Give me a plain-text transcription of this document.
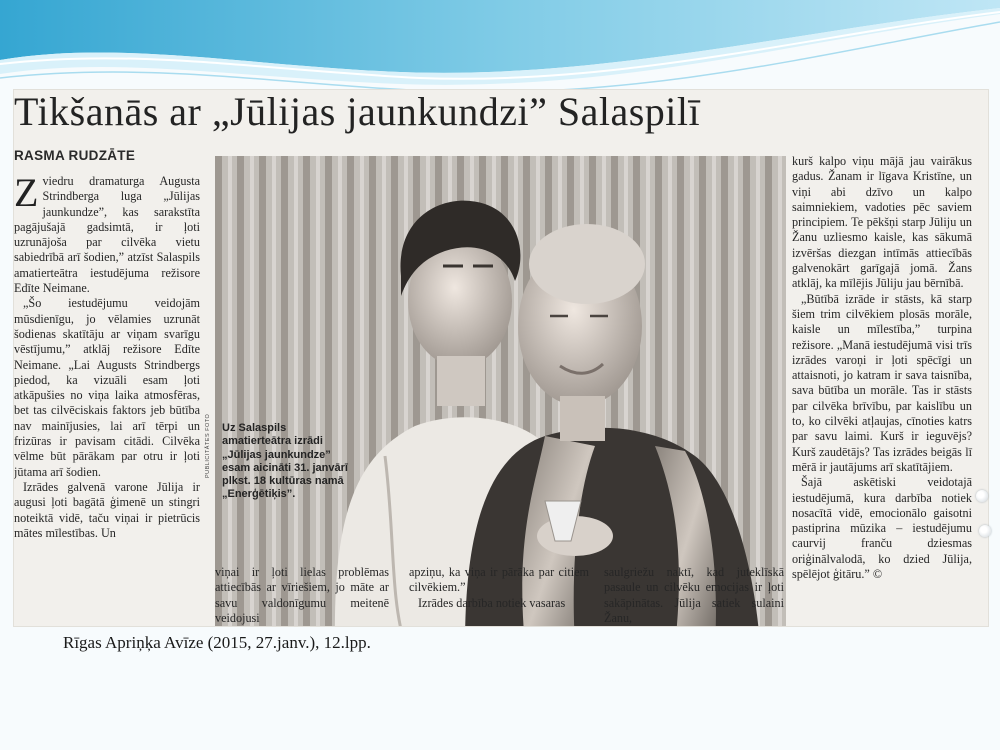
Tikšanās ar „Jūlijas jaunkundzi” Salaspilī
RASMA RUDZĀTE

Zviedru dramaturga Augusta Strindberga luga „Jūlijas jaunkundze”, kas sarakstīta pagājušajā gadsimtā, ir ļoti uzrunājoša par cilvēka vietu sabiedrībā arī šodien,” atzīst Salaspils amatierteātra iestudējuma režisore Edīte Neimane.

„Šo iestudējumu veidojām mūsdienīgu, jo vēlamies uzrunāt šodienas skatītāju ar viņam svarīgu vēstījumu,” atklāj režisore Edīte Neimane. „Lai Augusts Strindbergs piedod, ka vizuāli esam ļoti atkāpušies no viņa laika atmosfēras, bet tas cilvēciskais faktors jeb būtība nav mainījusies, lai arī tērpi un frizūras ir pavisam citādi. Cilvēka vēlme būt pārākam par otru ir ļoti jūtama arī šodien.

Izrādes galvenā varone Jūlija ir augusi ļoti bagātā ģimenē un stingri noteiktā vidē, taču viņai ir pietrūcis mātes mīlestības. Un

Uz Salaspils amatierteātra izrādi „Jūlijas jaunkundze” esam aicināti 31. janvārī plkst. 18 kultūras namā „Enerģētiķis”.
PUBLICITĀTES FOTO
viņai ir ļoti lielas problēmas attiecībās ar vīriešiem, jo māte ar savu valdonīgumu meitenē veidojusi

apziņu, ka viņa ir pārāka par citiem cilvēkiem.”

Izrādes darbība notiek vasaras

saulgriežu naktī, kad juteklīskā pasaule un cilvēku emocijas ir ļoti sakāpinātas. Jūlija satiek sulaini Žanu,

kurš kalpo viņu mājā jau vairākus gadus. Žanam ir līgava Kristīne, un viņi abi dzīvo un kalpo saimniekiem, vadoties pēc saviem principiem. Te pēkšņi starp Jūliju un Žanu uzliesmo kaisle, kas sākumā izvēršas diezgan intīmās attiecībās galvenokārt garīgajā jomā. Žans atklāj, ka mīlējis Jūliju jau bērnībā.

„Būtībā izrāde ir stāsts, kā starp šiem trim cilvēkiem plosās morāle, kaisle un mīlestība,” turpina režisore. „Manā iestudējumā visi trīs izrādes varoņi ir ļoti spēcīgi un attaisnoti, jo katram ir sava taisnība, sava būtība un morāle. Tas ir stāsts par cilvēka brīvību, par kaislību un to, ko cilvēki atļaujas, cīnoties katrs par savu laimi. Kurš ir ieguvējs? Kurš zaudētājs? Tas izrādes beigās lī mērā ir jautājums arī skatītājiem.

Šajā askētiski veidotajā iestudējumā, kura darbība notiek nosacītā vidē, emocionālo gaisotni pastiprina mūzika – iestudējumu caurvij franču dziesmas oriģinālvalodā, ko dzied Jūlija, spēlējot ģitāru.” ©

Rīgas Apriņķa Avīze (2015, 27.janv.), 12.lpp.
